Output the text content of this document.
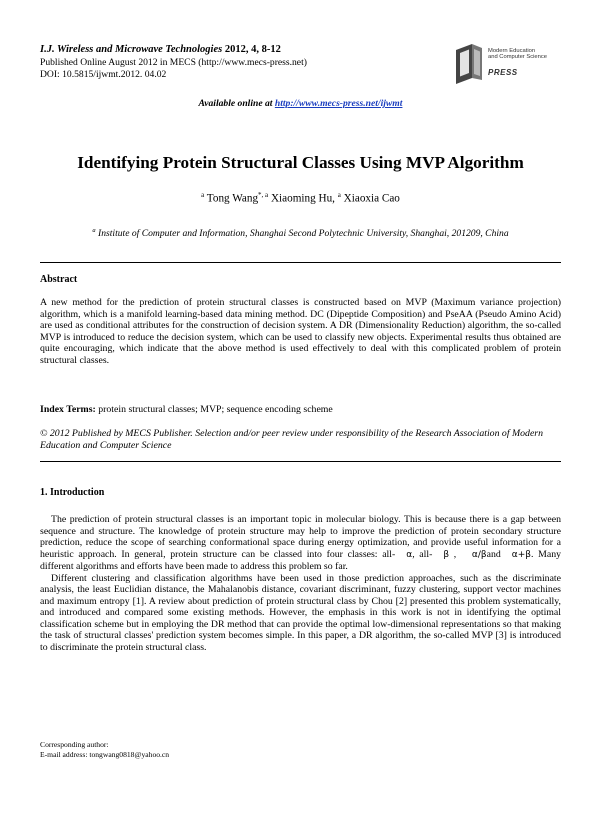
I.J. Wireless and Microwave Technologies 2012, 4, 8-12
Published Online August 2012 in MECS (http://www.mecs-press.net)
DOI: 10.5815/ijwmt.2012. 04.02
Modern Education
and Computer Science
PRESS
Available online at http://www.mecs-press.net/ijwmt
Identifying Protein Structural Classes Using MVP Algorithm
$^a$ Tong Wang$^{*, a}$ Xiaoming Hu, $^a$ Xiaoxia Cao
$^a$ Institute of Computer and Information, Shanghai Second Polytechnic University, Shanghai, 201209, China
Abstract
A new method for the prediction of protein structural classes is constructed based on MVP (Maximum variance projection) algorithm, which is a manifold learning-based data mining method. DC (Dipeptide Composition) and PseAA (Pseudo Amino Acid) are used as conditional attributes for the construction of decision system. A DR (Dimensionality Reduction) algorithm, the so-called MVP is introduced to reduce the decision system, which can be used to classify new objects. Experimental results thus obtained are quite encouraging, which indicate that the above method is used effectively to deal with this complicated problem of protein structural classes.
Index Terms: protein structural classes; MVP; sequence encoding scheme
© 2012 Published by MECS Publisher. Selection and/or peer review under responsibility of the Research Association of Modern Education and Computer Science
1. Introduction

The prediction of protein structural classes is an important topic in molecular biology. This is because there is a gap between sequence and structure. The knowledge of protein structure may help to improve the prediction of protein secondary structure prediction, reduce the scope of searching conformational space during energy optimization, and provide useful information for a heuristic approach. In general, protein structure can be classed into four classes: all- α, all- β , α/βand α+β. Many different algorithms and efforts have been made to address this problem so far.

Different clustering and classification algorithms have been used in those prediction approaches, such as the discriminate analysis, the least Euclidian distance, the Mahalanobis distance, covariant discriminant, fuzzy clustering, support vector machines and maximum entropy [1]. A review about prediction of protein structural class by Chou [2] presented this problem systematically, and introduced and compared some existing methods. However, the emphasis in this work is not in identifying the optimal classification scheme but in employing the DR method that can provide the optimal low-dimensional representations so that making the task of structural classes' prediction system becomes simple. In this paper, a DR algorithm, the so-called MVP [3] is introduced to discriminate the protein structural class.

Corresponding author:
E-mail address: tongwang0818@yahoo.cn
